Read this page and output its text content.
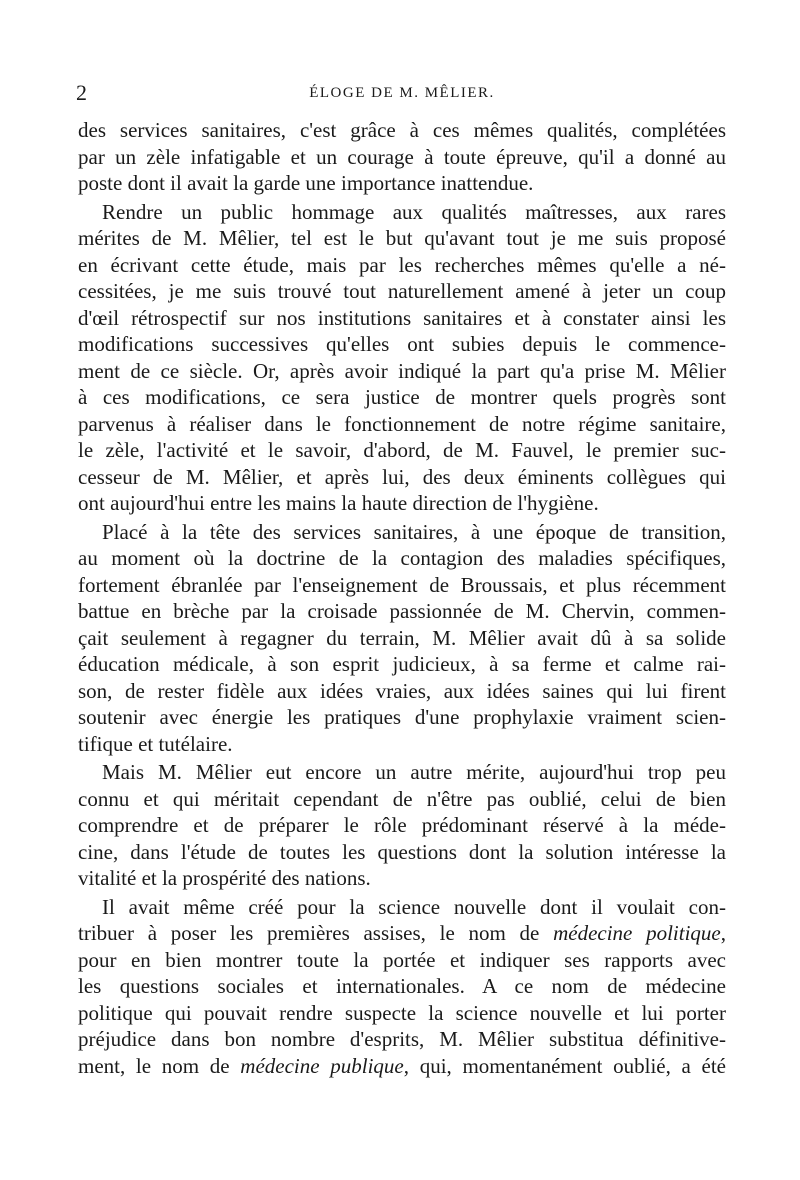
2	ÉLOGE DE M. MÊLIER.
des services sanitaires, c'est grâce à ces mêmes qualités, complétées
par un zèle infatigable et un courage à toute épreuve, qu'il a donné au
poste dont il avait la garde une importance inattendue.
Rendre un public hommage aux qualités maîtresses, aux rares
mérites de M. Mêlier, tel est le but qu'avant tout je me suis proposé
en écrivant cette étude, mais par les recherches mêmes qu'elle a né-
cessitées, je me suis trouvé tout naturellement amené à jeter un coup
d'œil rétrospectif sur nos institutions sanitaires et à constater ainsi les
modifications successives qu'elles ont subies depuis le commence-
ment de ce siècle. Or, après avoir indiqué la part qu'a prise M. Mêlier
à ces modifications, ce sera justice de montrer quels progrès sont
parvenus à réaliser dans le fonctionnement de notre régime sanitaire,
le zèle, l'activité et le savoir, d'abord, de M. Fauvel, le premier suc-
cesseur de M. Mêlier, et après lui, des deux éminents collègues qui
ont aujourd'hui entre les mains la haute direction de l'hygiène.
Placé à la tête des services sanitaires, à une époque de transition,
au moment où la doctrine de la contagion des maladies spécifiques,
fortement ébranlée par l'enseignement de Broussais, et plus récemment
battue en brèche par la croisade passionnée de M. Chervin, commen-
çait seulement à regagner du terrain, M. Mêlier avait dû à sa solide
éducation médicale, à son esprit judicieux, à sa ferme et calme rai-
son, de rester fidèle aux idées vraies, aux idées saines qui lui firent
soutenir avec énergie les pratiques d'une prophylaxie vraiment scien-
tifique et tutélaire.
Mais M. Mêlier eut encore un autre mérite, aujourd'hui trop peu
connu et qui méritait cependant de n'être pas oublié, celui de bien
comprendre et de préparer le rôle prédominant réservé à la méde-
cine, dans l'étude de toutes les questions dont la solution intéresse la
vitalité et la prospérité des nations.
Il avait même créé pour la science nouvelle dont il voulait con-
tribuer à poser les premières assises, le nom de médecine politique,
pour en bien montrer toute la portée et indiquer ses rapports avec
les questions sociales et internationales. A ce nom de médecine
politique qui pouvait rendre suspecte la science nouvelle et lui porter
préjudice dans bon nombre d'esprits, M. Mêlier substitua définitive-
ment, le nom de médecine publique, qui, momentanément oublié, a été
